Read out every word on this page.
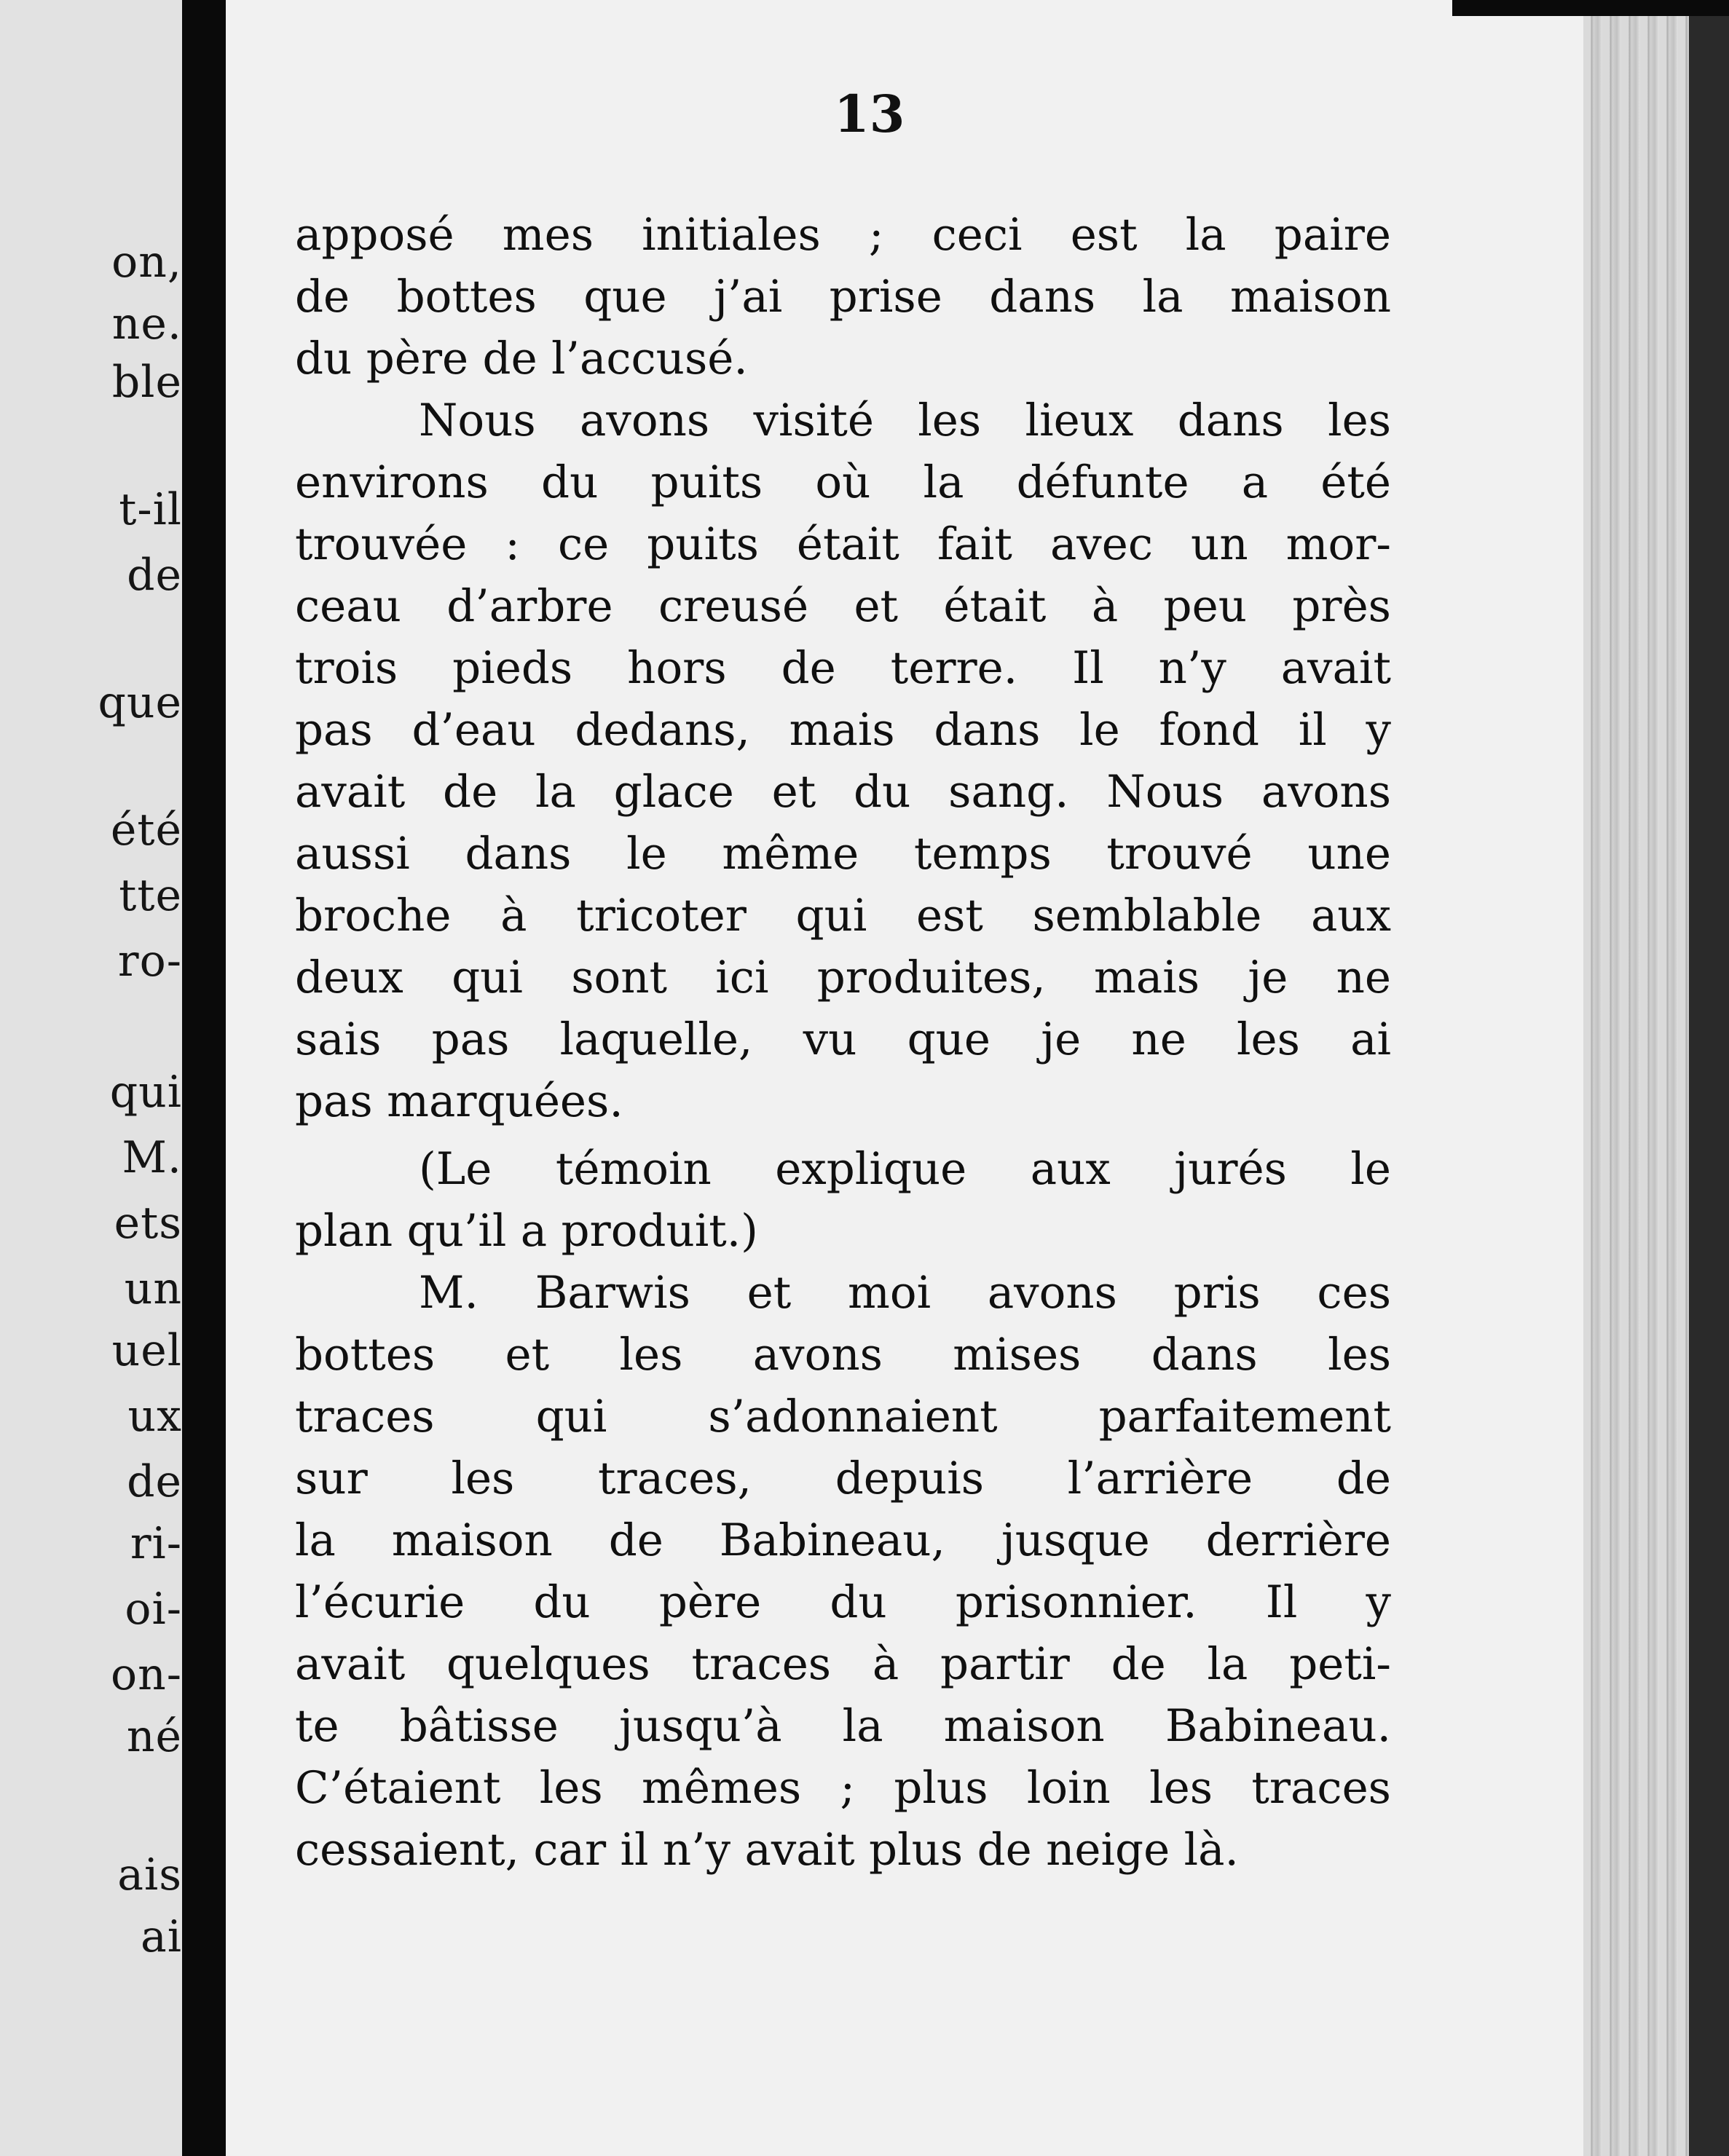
on,
ne.
ble
t-il
de
que
été
tte
ro-
qui
M.
ets
un
uel
ux
de
ri-
oi-
on-
né
ais
ai
13
apposé mes initiales ; ceci est la paire
de bottes que j’ai prise dans la maison
du père de l’accusé.
Nous avons visité les lieux dans les
environs du puits où la défunte a été
trouvée : ce puits était fait avec un mor-
ceau d’arbre creusé et était à peu près
trois pieds hors de terre. Il n’y avait
pas d’eau dedans, mais dans le fond il y
avait de la glace et du sang. Nous avons
aussi dans le même temps trouvé une
broche à tricoter qui est semblable aux
deux qui sont ici produites, mais je ne
sais pas laquelle, vu que je ne les ai
pas marquées.
(Le témoin explique aux jurés le
plan qu’il a produit.)
M. Barwis et moi avons pris ces
bottes et les avons mises dans les
traces qui s’adonnaient parfaitement
sur les traces, depuis l’arrière de
la maison de Babineau, jusque derrière
l’écurie du père du prisonnier. Il y
avait quelques traces à partir de la peti-
te bâtisse jusqu’à la maison Babineau.
C’étaient les mêmes ; plus loin les traces
cessaient, car il n’y avait plus de neige là.
